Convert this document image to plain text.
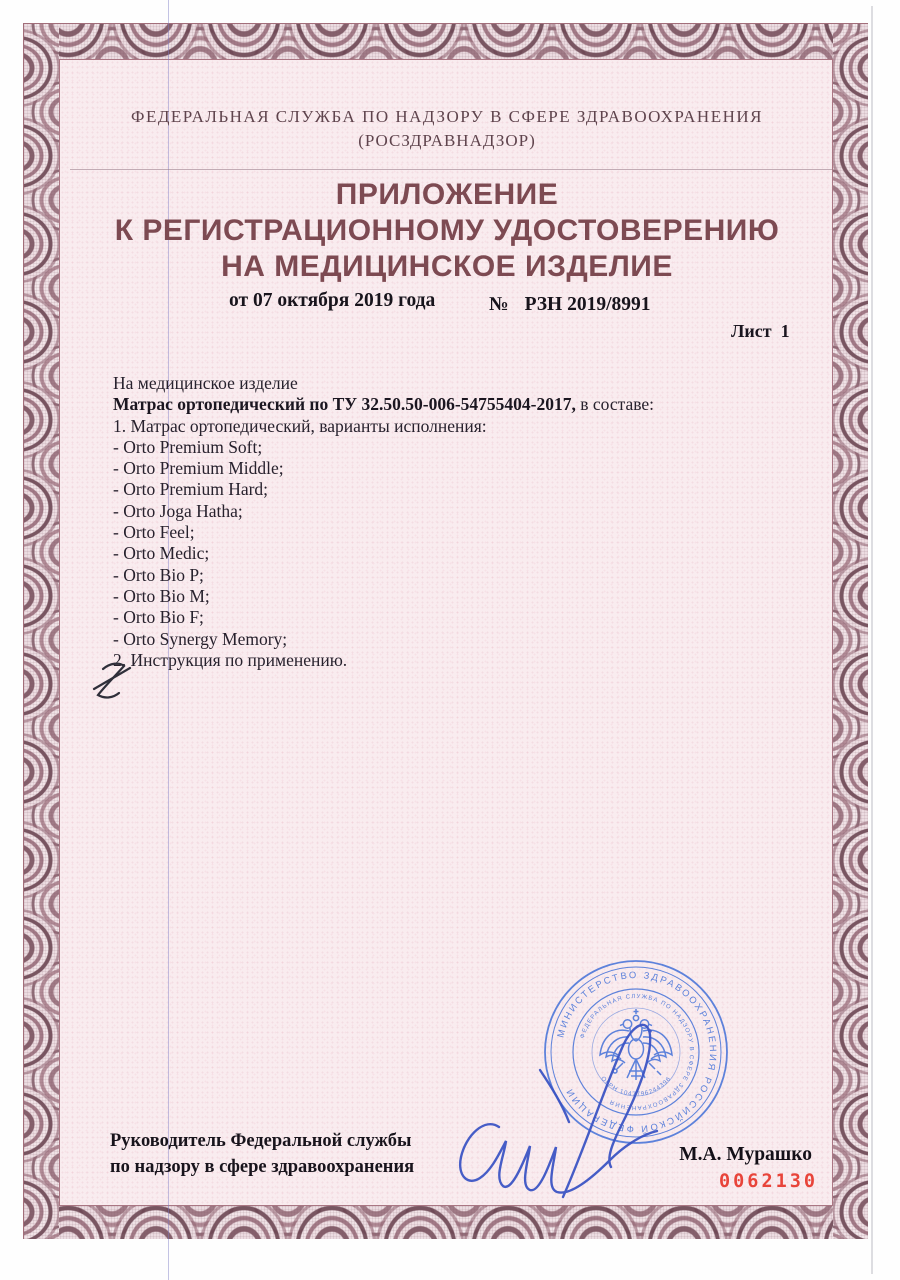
ФЕДЕРАЛЬНАЯ СЛУЖБА ПО НАДЗОРУ В СФЕРЕ ЗДРАВООХРАНЕНИЯ
(РОСЗДРАВНАДЗОР)
ПРИЛОЖЕНИЕ
К РЕГИСТРАЦИОННОМУ УДОСТОВЕРЕНИЮ
НА МЕДИЦИНСКОЕ ИЗДЕЛИЕ
от 07 октября 2019 года	№ РЗН 2019/8991
Лист  1
На медицинское изделие
Матрас ортопедический по ТУ 32.50.50-006-54755404-2017, в составе:
1. Матрас ортопедический, варианты исполнения:
- Orto Premium Soft;
- Orto Premium Middle;
- Orto Premium Hard;
- Orto Joga Hatha;
- Orto Feel;
- Orto Medic;
- Orto Bio P;
- Orto Bio M;
- Orto Bio F;
- Orto Synergy Memory;
2. Инструкция по применению.
Руководитель Федеральной службы
по надзору в сфере здравоохранения
М.А. Мурашко
0062130
МИНИСТЕРСТВО ЗДРАВООХРАНЕНИЯ РОССИЙСКОЙ ФЕДЕРАЦИИ
ФЕДЕРАЛЬНАЯ СЛУЖБА ПО НАДЗОРУ В СФЕРЕ ЗДРАВООХРАНЕНИЯ
ОГРН 1047796244396
